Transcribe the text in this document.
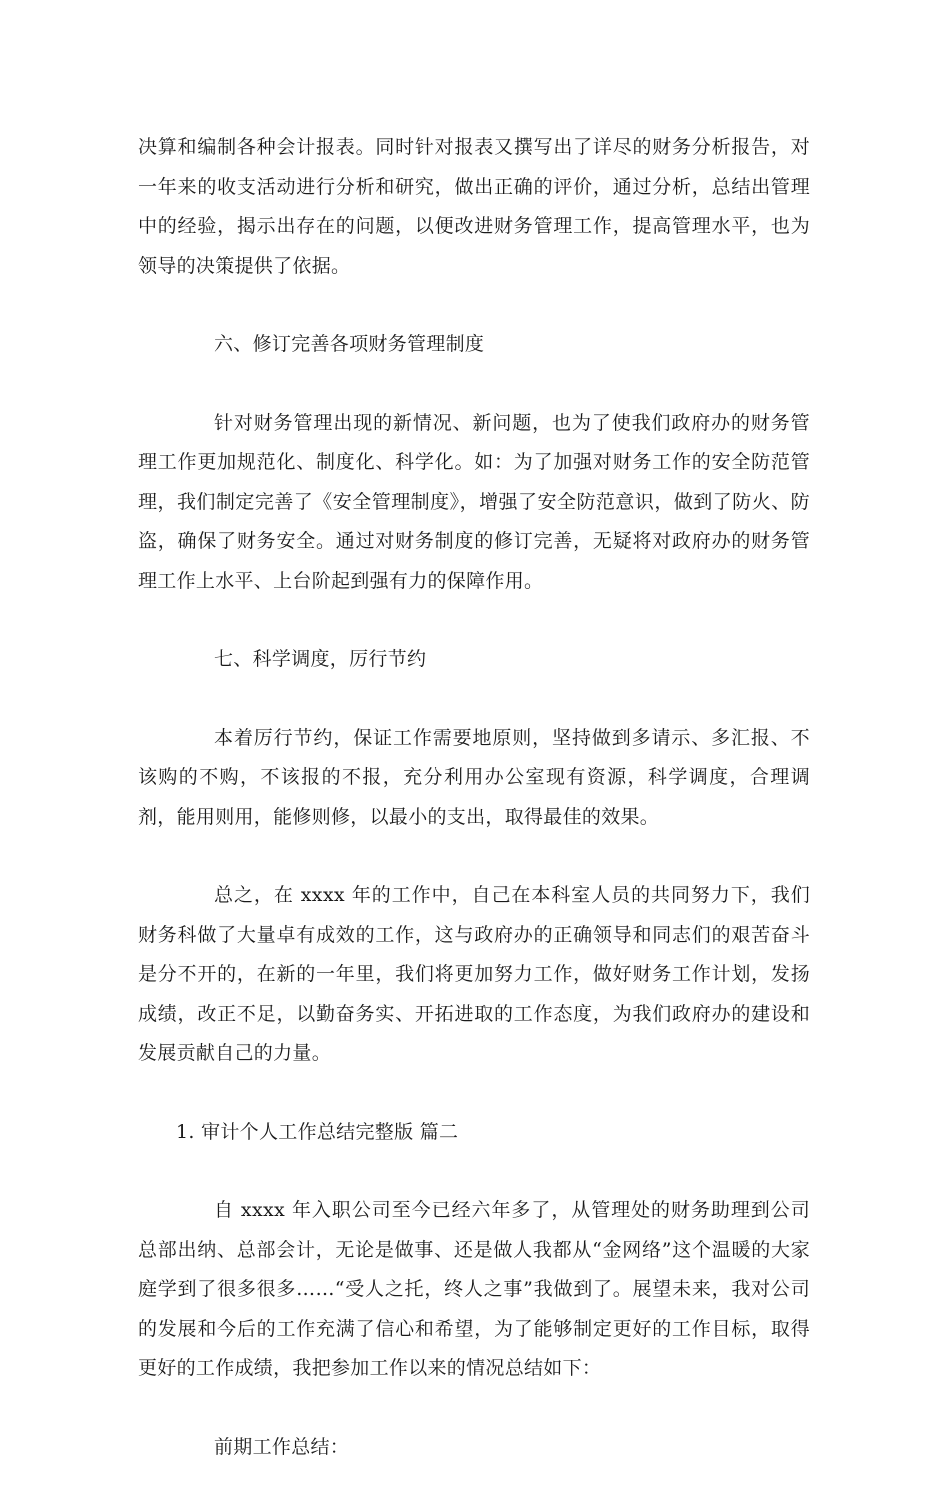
决算和编制各种会计报表。同时针对报表又撰写出了详尽的财务分析报告，对一年来的收支活动进行分析和研究，做出正确的评价，通过分析，总结出管理中的经验，揭示出存在的问题，以便改进财务管理工作，提高管理水平，也为领导的决策提供了依据。

六、修订完善各项财务管理制度

针对财务管理出现的新情况、新问题，也为了使我们政府办的财务管理工作更加规范化、制度化、科学化。如：为了加强对财务工作的安全防范管理，我们制定完善了《安全管理制度》，增强了安全防范意识，做到了防火、防盗，确保了财务安全。通过对财务制度的修订完善，无疑将对政府办的财务管理工作上水平、上台阶起到强有力的保障作用。

七、科学调度，厉行节约

本着厉行节约，保证工作需要地原则，坚持做到多请示、多汇报、不该购的不购，不该报的不报，充分利用办公室现有资源，科学调度，合理调剂，能用则用，能修则修，以最小的支出，取得最佳的效果。

总之，在 xxxx 年的工作中，自己在本科室人员的共同努力下，我们财务科做了大量卓有成效的工作，这与政府办的正确领导和同志们的艰苦奋斗是分不开的，在新的一年里，我们将更加努力工作，做好财务工作计划，发扬成绩，改正不足，以勤奋务实、开拓进取的工作态度，为我们政府办的建设和发展贡献自己的力量。

1. 审计个人工作总结完整版 篇二

自 xxxx 年入职公司至今已经六年多了，从管理处的财务助理到公司总部出纳、总部会计，无论是做事、还是做人我都从“金网络”这个温暖的大家庭学到了很多很多……“受人之托，终人之事”我做到了。展望未来，我对公司的发展和今后的工作充满了信心和希望，为了能够制定更好的工作目标，取得更好的工作成绩，我把参加工作以来的情况总结如下：

前期工作总结：
